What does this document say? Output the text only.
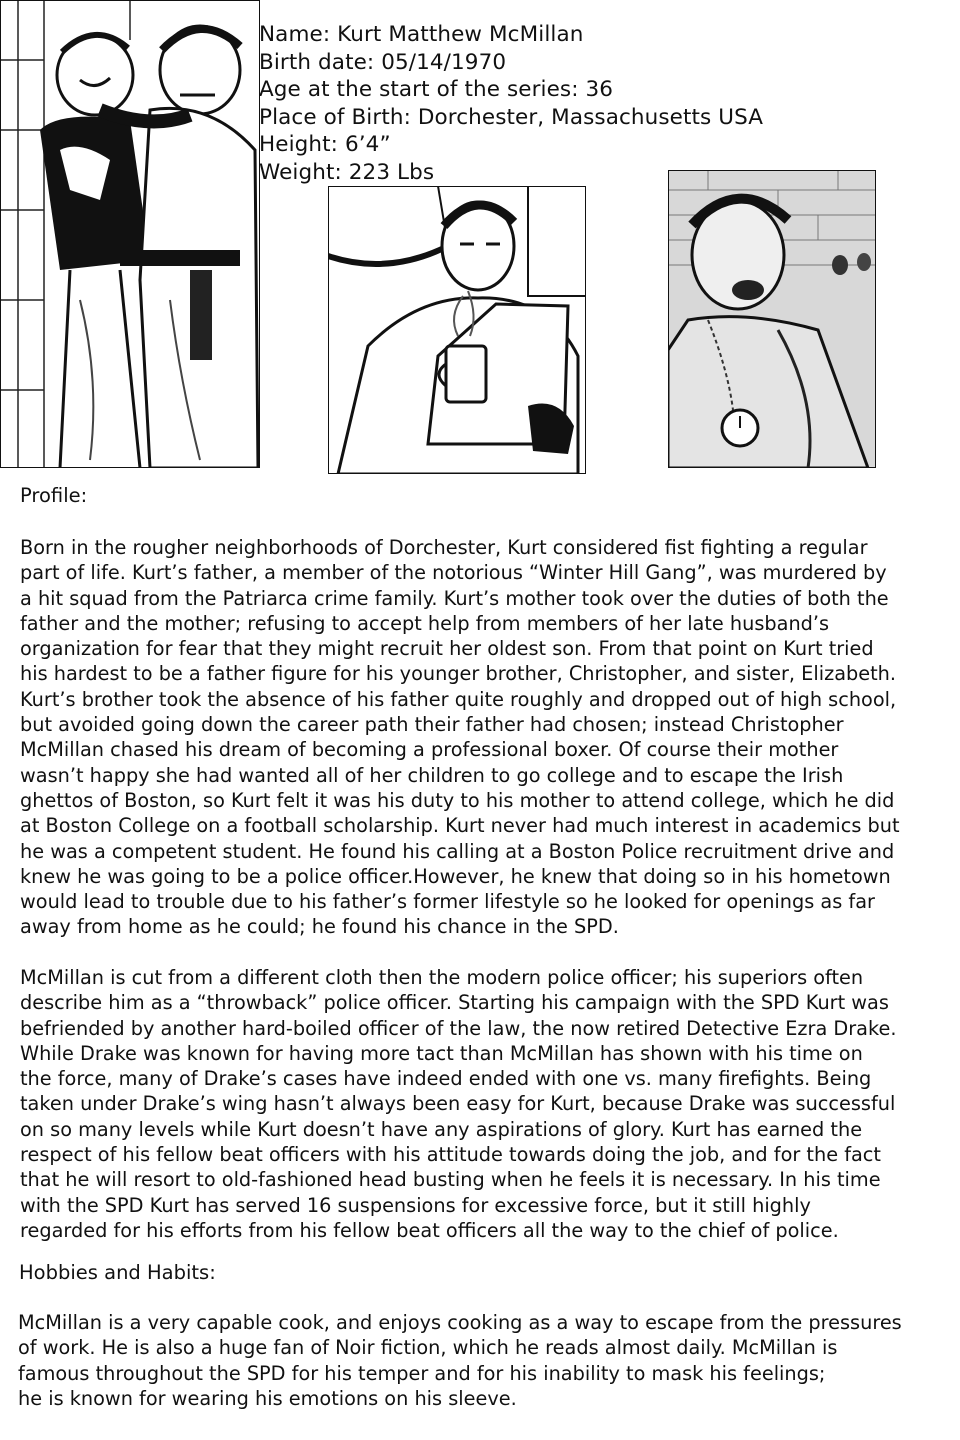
Name: Kurt Matthew McMillan
Birth date: 05/14/1970
Age at the start of the series: 36
Place of Birth: Dorchester, Massachusetts USA
Height: 6’4”
Weight: 223 Lbs
Profile:

Born in the rougher neighborhoods of Dorchester, Kurt considered fist fighting a regular
part of life. Kurt’s father, a member of the notorious “Winter Hill Gang”, was murdered by
a hit squad from the Patriarca crime family. Kurt’s mother took over the duties of both the
father and the mother; refusing to accept help from members of her late husband’s
organization for fear that they might recruit her oldest son. From that point on Kurt tried
his hardest to be a father figure for his younger brother, Christopher, and sister, Elizabeth.
Kurt’s brother took the absence of his father quite roughly and dropped out of high school,
but avoided going down the career path their father had chosen; instead Christopher
McMillan chased his dream of becoming a professional boxer. Of course their mother
wasn’t happy she had wanted all of her children to go college and to escape the Irish
ghettos of Boston, so Kurt felt it was his duty to his mother to attend college, which he did
at Boston College on a football scholarship. Kurt never had much interest in academics but
he was a competent student. He found his calling at a Boston Police recruitment drive and
knew he was going to be a police officer.However, he knew that doing so in his hometown
would lead to trouble due to his father’s former lifestyle so he looked for openings as far
away from home as he could; he found his chance in the SPD.

McMillan is cut from a different cloth then the modern police officer; his superiors often
describe him as a “throwback” police officer. Starting his campaign with the SPD Kurt was
befriended by another hard-boiled officer of the law, the now retired Detective Ezra Drake.
While Drake was known for having more tact than McMillan has shown with his time on
the force, many of Drake’s cases have indeed ended with one vs. many firefights. Being
taken under Drake’s wing hasn’t always been easy for Kurt, because Drake was successful
on so many levels while Kurt doesn’t have any aspirations of glory. Kurt has earned the
respect of his fellow beat officers with his attitude towards doing the job, and for the fact
that he will resort to old-fashioned head busting when he feels it is necessary. In his time
with the SPD Kurt has served 16 suspensions for excessive force, but it still highly
regarded for his efforts from his fellow beat officers all the way to the chief of police.

Hobbies and Habits:

McMillan is a very capable cook, and enjoys cooking as a way to escape from the pressures
of work. He is also a huge fan of Noir fiction, which he reads almost daily. McMillan is
famous throughout the SPD for his temper and for his inability to mask his feelings;
he is known for wearing his emotions on his sleeve.
